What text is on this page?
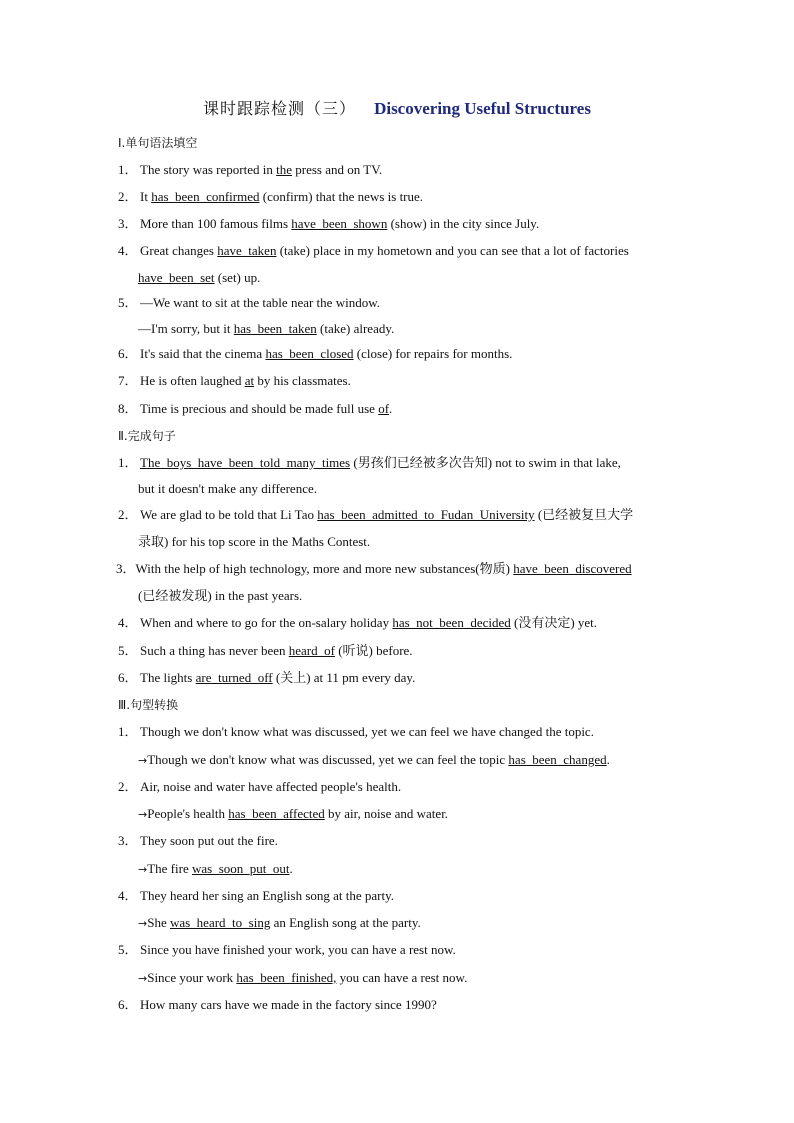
课时跟踪检测（三） Discovering Useful Structures
Ⅰ.单句语法填空
1． The story was reported in the press and on TV.
2． It has_been_confirmed (confirm) that the news is true.
3． More than 100 famous films have_been_shown (show) in the city since July.
4． Great changes have_taken (take) place in my hometown and you can see that a lot of factories
have_been_set (set) up.
5． —We want to sit at the table near the window.
—I'm sorry, but it has_been_taken (take) already.
6． It's said that the cinema has_been_closed (close) for repairs for months.
7． He is often laughed at by his classmates.
8． Time is precious and should be made full use of.
Ⅱ.完成句子
1． The_boys_have_been_told_many_times (男孩们已经被多次告知) not to swim in that lake,
but it doesn't make any difference.
2． We are glad to be told that Li Tao has_been_admitted_to_Fudan_University (已经被复旦大学
录取) for his top score in the Maths Contest.
3．With the help of high technology, more and more new substances(物质) have_been_discovered
(已经被发现) in the past years.
4． When and where to go for the on-salary holiday has_not_been_decided (没有决定) yet.
5． Such a thing has never been heard_of (听说) before.
6． The lights are_turned_off (关上) at 11 pm every day.
Ⅲ.句型转换
1． Though we don't know what was discussed, yet we can feel we have changed the topic.
→Though we don't know what was discussed, yet we can feel the topic has_been_changed.
2． Air, noise and water have affected people's health.
→People's health has_been_affected by air, noise and water.
3． They soon put out the fire.
→The fire was_soon_put_out.
4． They heard her sing an English song at the party.
→She was_heard_to_sing an English song at the party.
5． Since you have finished your work, you can have a rest now.
→Since your work has_been_finished, you can have a rest now.
6． How many cars have we made in the factory since 1990?
